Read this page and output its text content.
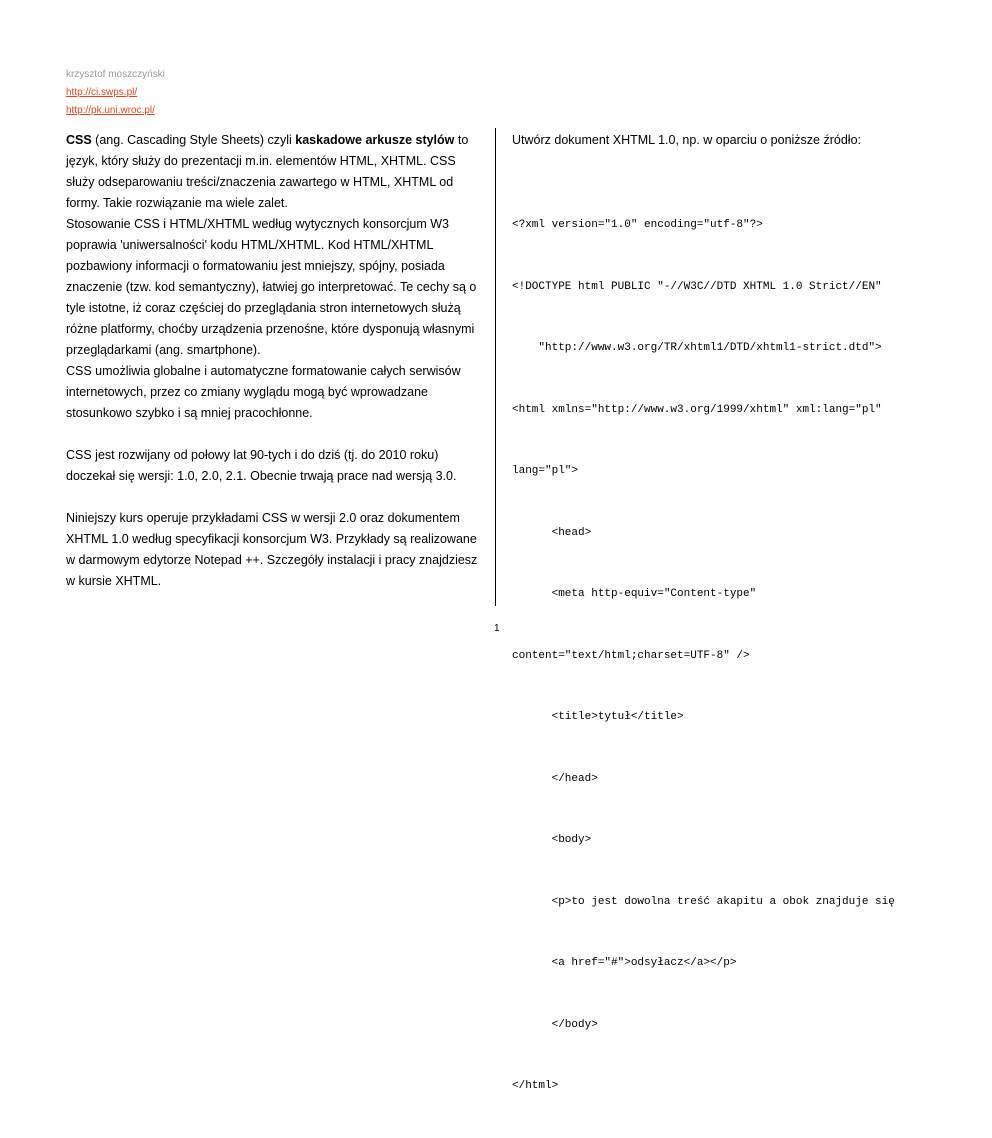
krzysztof moszczyński
http://ci.swps.pl/
http://pk.uni.wroc.pl/

CSS (ang. Cascading Style Sheets) czyli kaskadowe arkusze stylów to język, który służy do prezentacji m.in. elementów HTML, XHTML. CSS służy odseparowaniu treści/znaczenia zawartego w HTML, XHTML od formy. Takie rozwiązanie ma wiele zalet.

Stosowanie CSS i HTML/XHTML według wytycznych konsorcjum W3 poprawia 'uniwersalności' kodu HTML/XHTML. Kod HTML/XHTML pozbawiony informacji o formatowaniu jest mniejszy, spójny, posiada znaczenie (tzw. kod semantyczny), łatwiej go interpretować. Te cechy są o tyle istotne, iż coraz częściej do przeglądania stron internetowych służą różne platformy, choćby urządzenia przenośne, które dysponują własnymi przeglądarkami (ang. smartphone).

CSS umożliwia globalne i automatyczne formatowanie całych serwisów internetowych, przez co zmiany wyglądu mogą być wprowadzane stosunkowo szybko i są mniej pracochłonne.

CSS jest rozwijany od połowy lat 90-tych i do dziś (tj. do 2010 roku) doczekał się wersji: 1.0, 2.0, 2.1. Obecnie trwają prace nad wersją 3.0.

Niniejszy kurs operuje przykładami CSS w wersji 2.0 oraz dokumentem XHTML 1.0 według specyfikacji konsorcjum W3. Przykłady są realizowane w darmowym edytorze Notepad ++. Szczegóły instalacji i pracy znajdziesz w kursie XHTML.

Utwórz dokument XHTML 1.0, np. w oparciu o poniższe źródło:

<?xml version="1.0" encoding="utf-8"?>

<!DOCTYPE html PUBLIC "-//W3C//DTD XHTML 1.0 Strict//EN"

"http://www.w3.org/TR/xhtml1/DTD/xhtml1-strict.dtd">

<html xmlns="http://www.w3.org/1999/xhtml" xml:lang="pl"

lang="pl">

<head>

<meta http-equiv="Content-type"

content="text/html;charset=UTF-8" />

<title>tytuł</title>

</head>

<body>

<p>to jest dowolna treść akapitu a obok znajduje się

<a href="#">odsyłacz</a></p>

</body>

</html>

1
